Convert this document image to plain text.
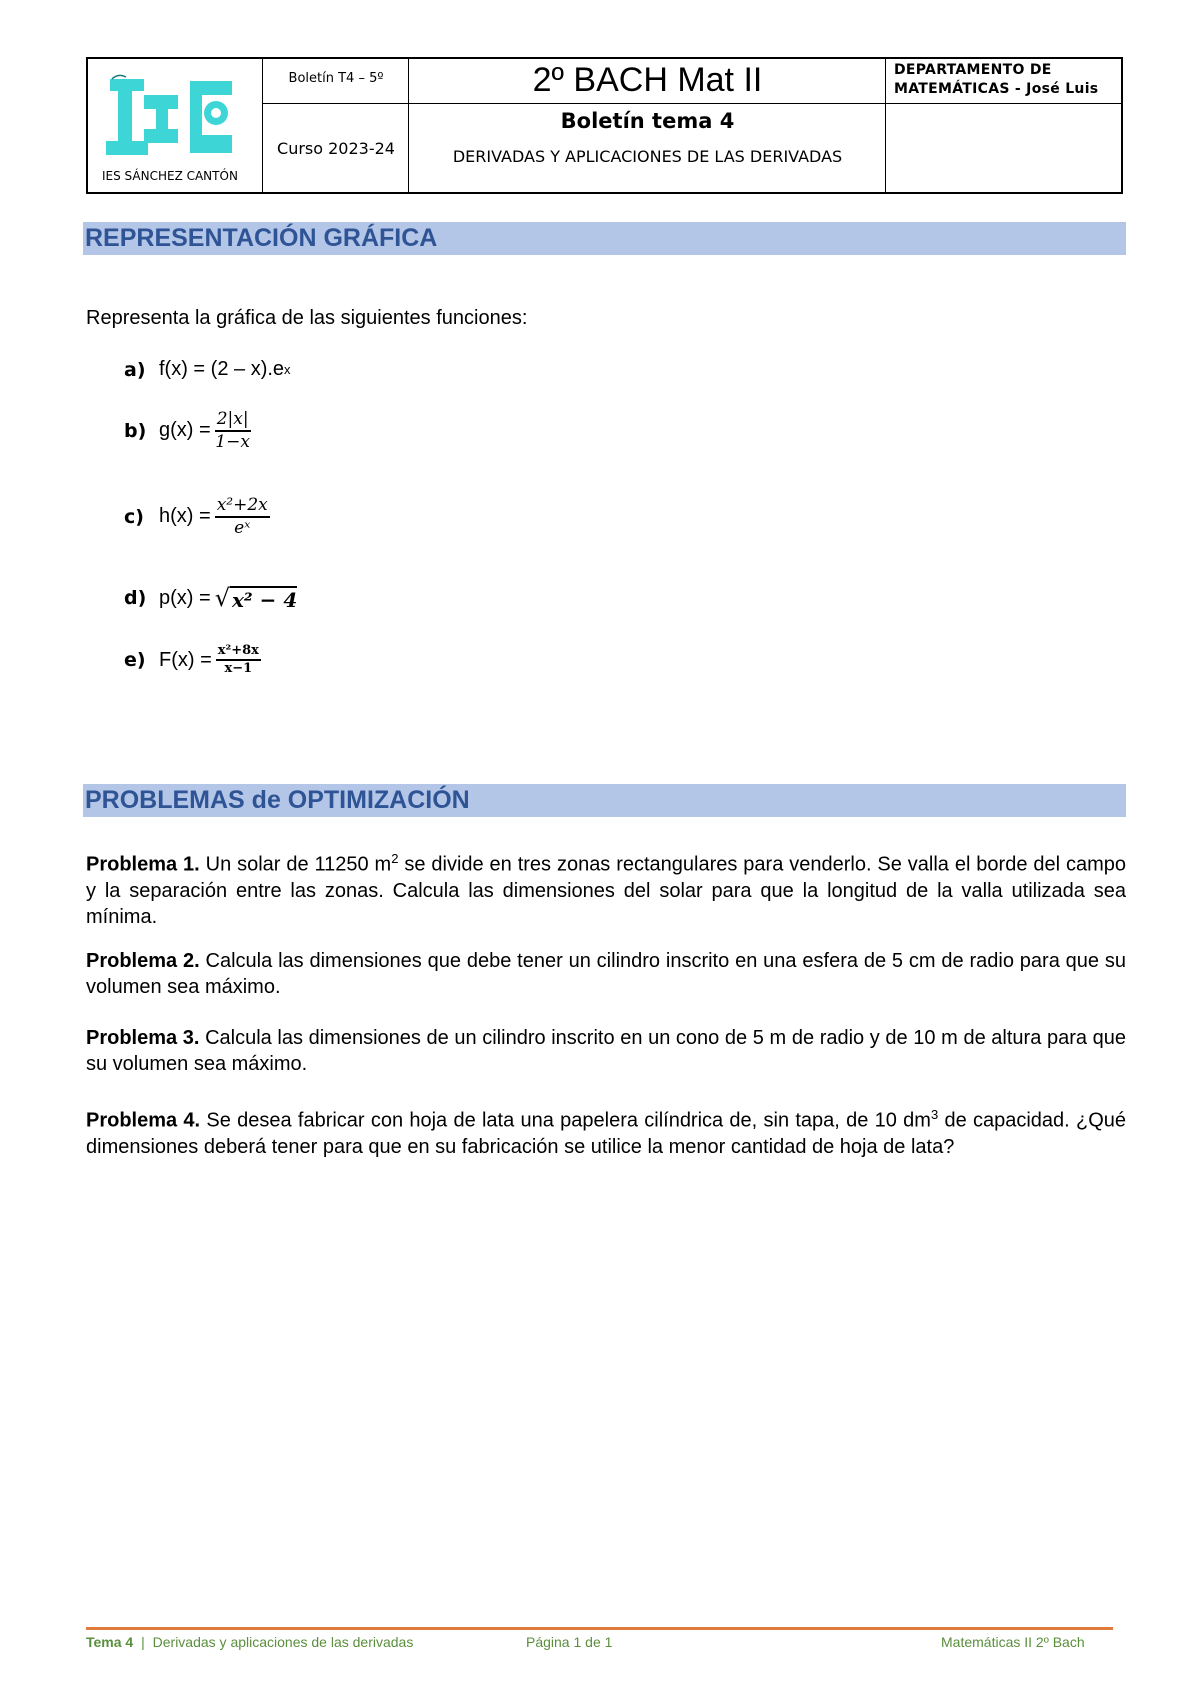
IES SÁNCHEZ CANTÓN
Boletín T4 – 5º
Curso 2023-24
2º BACH Mat II
Boletín tema 4
DERIVADAS Y APLICACIONES DE LAS DERIVADAS
DEPARTAMENTO DE MATEMÁTICAS - José Luis
REPRESENTACIÓN GRÁFICA
Representa la gráfica de las siguientes funciones:
a) f(x) = (2 – x).e x
b) $g(x) = \frac{2|x|}{1-x}$
c) $h(x) = \frac{\text{x²+2x}}{\text{eˣ}}$
d) p(x) = √ x² − 4
e) $F(x) = \frac{\text{x²+8x}}{x-1}$
PROBLEMAS de OPTIMIZACIÓN
Problema 1. Un solar de 11250 $m^2$ se divide en tres zonas rectangulares para venderlo. Se valla el borde del campo y la separación entre las zonas. Calcula las dimensiones del solar para que la longitud de la valla utilizada sea mínima.
Problema 2. Calcula las dimensiones que debe tener un cilindro inscrito en una esfera de 5 cm de radio para que su volumen sea máximo.
Problema 3. Calcula las dimensiones de un cilindro inscrito en un cono de 5 m de radio y de 10 m de altura para que su volumen sea máximo.
Problema 4. Se desea fabricar con hoja de lata una papelera cilíndrica de, sin tapa, de 10 $dm^3$ de capacidad. ¿Qué dimensiones deberá tener para que en su fabricación se utilice la menor cantidad de hoja de lata?
Tema 4 | Derivadas y aplicaciones de las derivadas	Página 1 de 1	Matemáticas II 2º Bach
